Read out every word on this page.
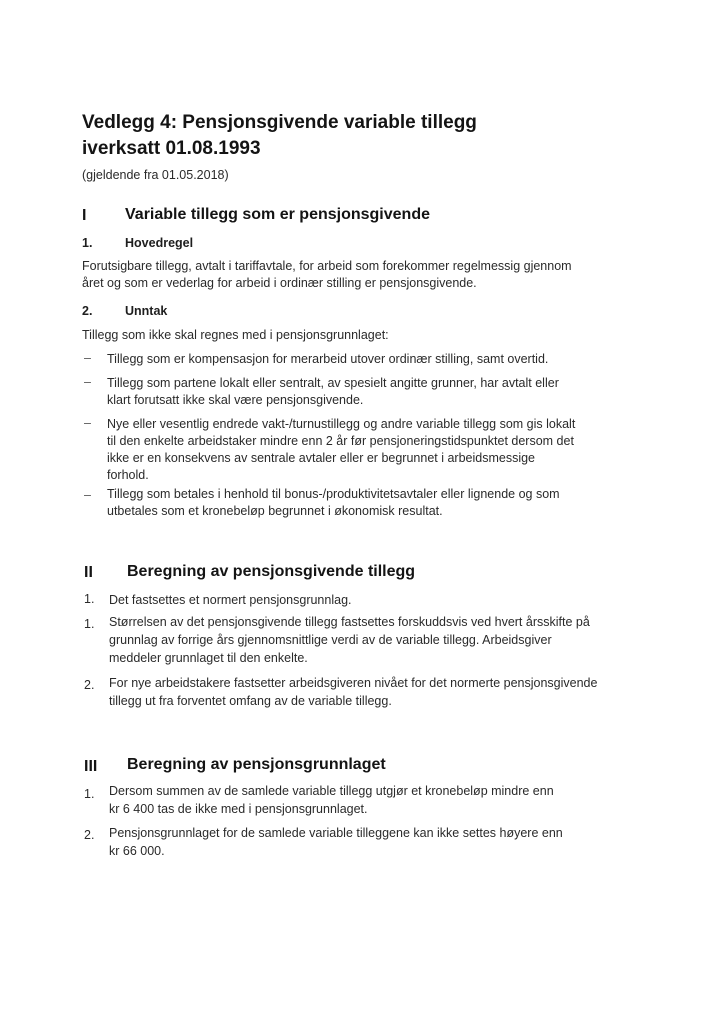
Vedlegg 4: Pensjonsgivende variable tillegg
iverksatt 01.08.1993
(gjeldende fra 01.05.2018)
I Variable tillegg som er pensjonsgivende
1.	Hovedregel
Forutsigbare tillegg, avtalt i tariffavtale, for arbeid som forekommer regelmessig gjennom
året og som er vederlag for arbeid i ordinær stilling er pensjonsgivende.
2.	Unntak
Tillegg som ikke skal regnes med i pensjonsgrunnlaget:
– Tillegg som er kompensasjon for merarbeid utover ordinær stilling, samt overtid.
– Tillegg som partene lokalt eller sentralt, av spesielt angitte grunner, har avtalt eller
klart forutsatt ikke skal være pensjonsgivende.
– Nye eller vesentlig endrede vakt-/turnustillegg og andre variable tillegg som gis lokalt
til den enkelte arbeidstaker mindre enn 2 år før pensjoneringstidspunktet dersom det
ikke er en konsekvens av sentrale avtaler eller er begrunnet i arbeidsmessige
forhold.
– Tillegg som betales i henhold til bonus-/produktivitetsavtaler eller lignende og som
utbetales som et kronebeløp begrunnet i økonomisk resultat.
II Beregning av pensjonsgivende tillegg
1. Det fastsettes et normert pensjonsgrunnlag.
1. Størrelsen av det pensjonsgivende tillegg fastsettes forskuddsvis ved hvert årsskifte på
grunnlag av forrige års gjennomsnittlige verdi av de variable tillegg. Arbeidsgiver
meddeler grunnlaget til den enkelte.
2. For nye arbeidstakere fastsetter arbeidsgiveren nivået for det normerte pensjonsgivende
tillegg ut fra forventet omfang av de variable tillegg.
III Beregning av pensjonsgrunnlaget
1. Dersom summen av de samlede variable tillegg utgjør et kronebeløp mindre enn
kr 6 400 tas de ikke med i pensjonsgrunnlaget.
2. Pensjonsgrunnlaget for de samlede variable tilleggene kan ikke settes høyere enn
kr 66 000.
